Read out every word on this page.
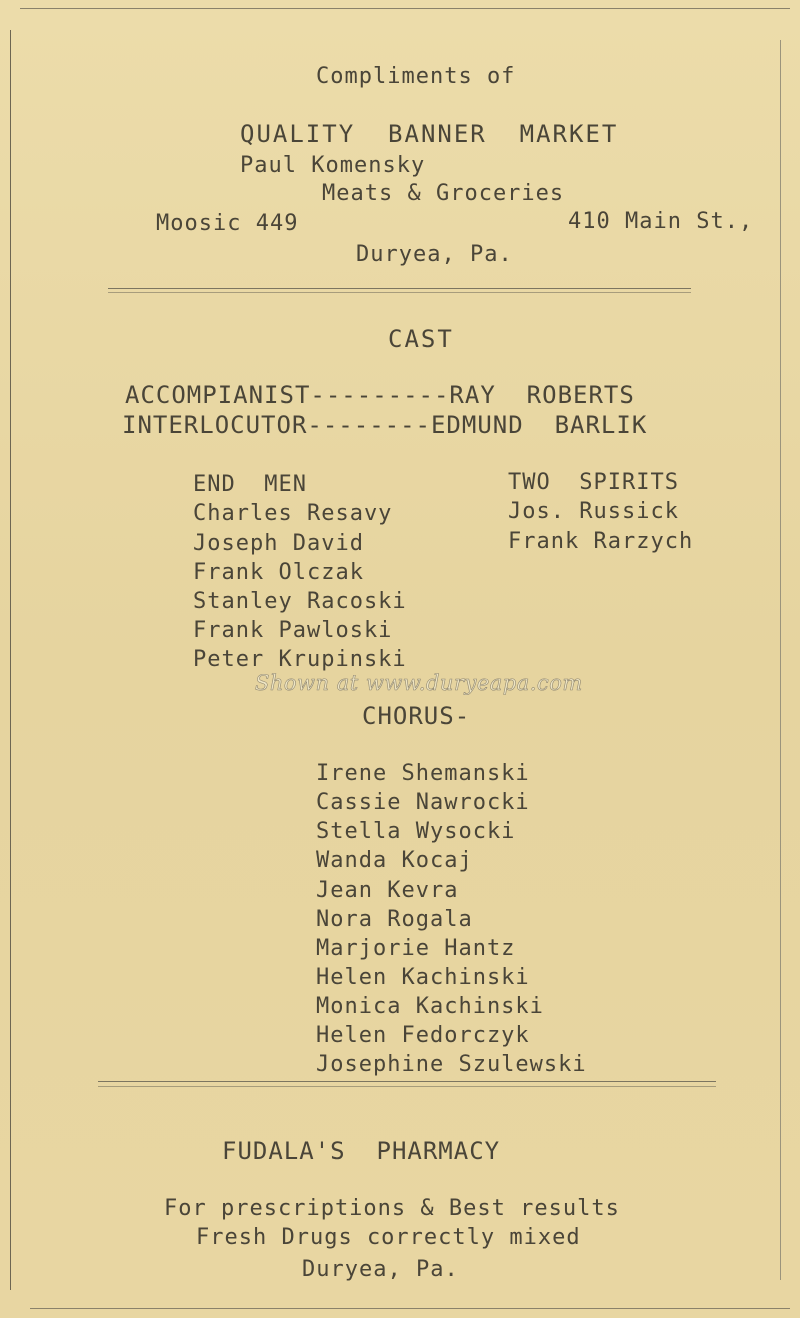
Compliments of
QUALITY  BANNER  MARKET
Paul Komensky
Meats & Groceries
Moosic 449	410 Main St.,
Duryea, Pa.
CAST
ACCOMPIANIST---------RAY  ROBERTS
INTERLOCUTOR--------EDMUND  BARLIK
END  MEN
Charles Resavy
Joseph David
Frank Olczak
Stanley Racoski
Frank Pawloski
Peter Krupinski
TWO  SPIRITS
Jos. Russick
Frank Rarzych
Shown at www.duryeapa.com
CHORUS-
Irene Shemanski
Cassie Nawrocki
Stella Wysocki
Wanda Kocaj
Jean Kevra
Nora Rogala
Marjorie Hantz
Helen Kachinski
Monica Kachinski
Helen Fedorczyk
Josephine Szulewski
FUDALA'S  PHARMACY
For prescriptions & Best results
Fresh Drugs correctly mixed
Duryea, Pa.
